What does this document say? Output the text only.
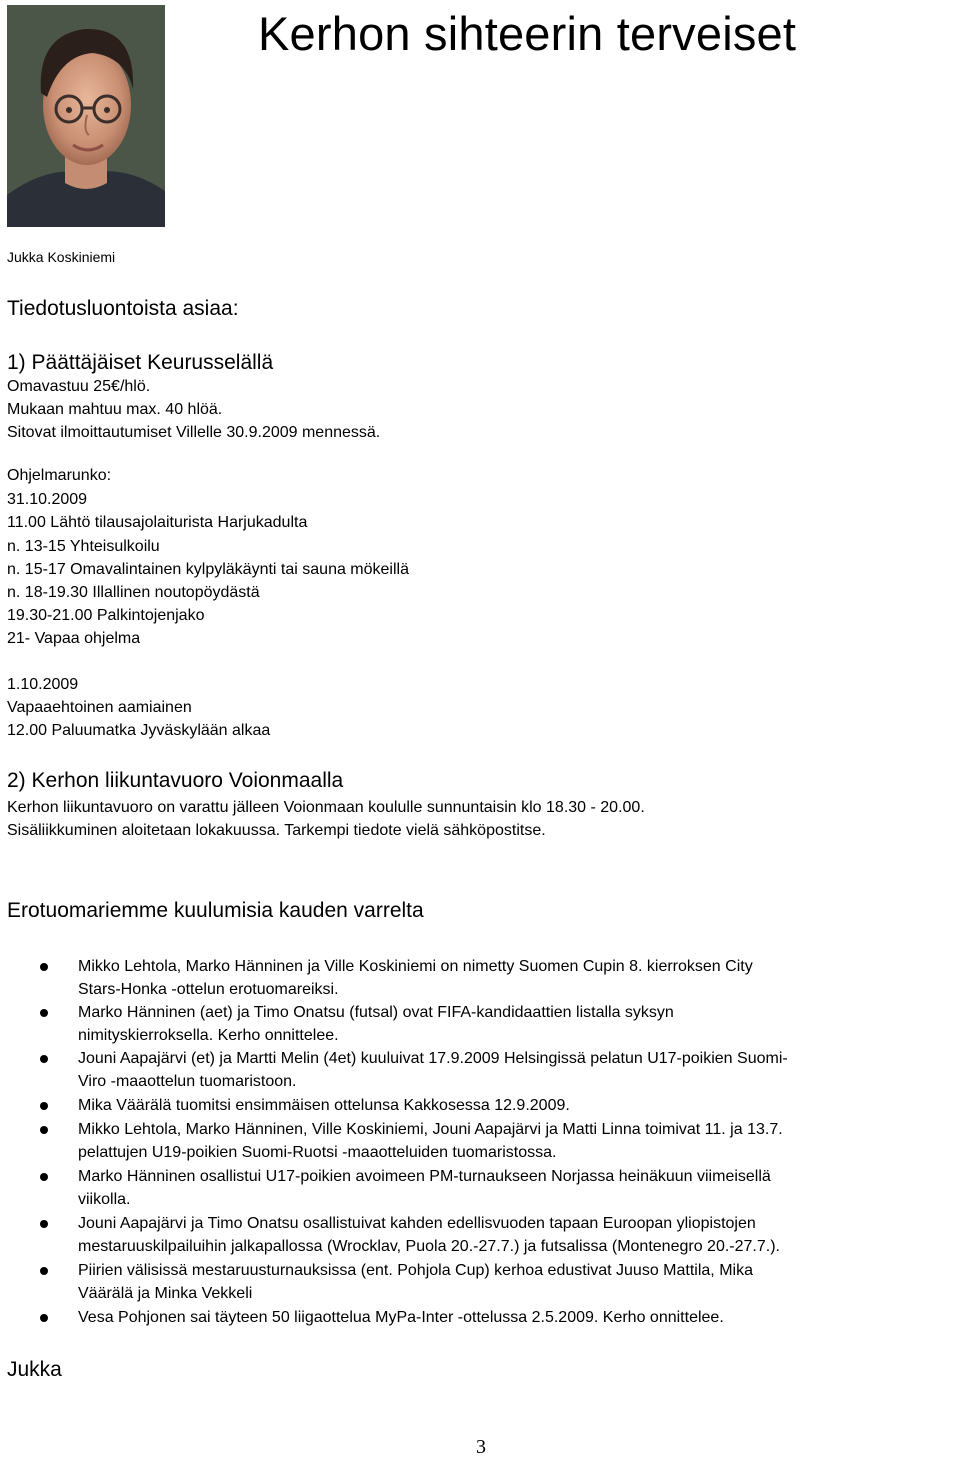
Kerhon sihteerin terveiset
Jukka Koskiniemi
Tiedotusluontoista asiaa:
1) Päättäjäiset Keurusselällä
Omavastuu 25€/hlö.
Mukaan mahtuu max. 40 hlöä.
Sitovat ilmoittautumiset Villelle 30.9.2009 mennessä.
Ohjelmarunko:
31.10.2009
11.00 Lähtö tilausajolaiturista Harjukadulta
n. 13-15 Yhteisulkoilu
n. 15-17 Omavalintainen kylpyläkäynti tai sauna mökeillä
n. 18-19.30 Illallinen noutopöydästä
19.30-21.00 Palkintojenjako
21- Vapaa ohjelma
1.10.2009
Vapaaehtoinen aamiainen
12.00 Paluumatka Jyväskylään alkaa
2) Kerhon liikuntavuoro Voionmaalla
Kerhon liikuntavuoro on varattu jälleen Voionmaan koululle sunnuntaisin klo 18.30 - 20.00.
Sisäliikkuminen aloitetaan lokakuussa. Tarkempi tiedote vielä sähköpostitse.
Erotuomariemme kuulumisia kauden varrelta
Mikko Lehtola, Marko Hänninen ja Ville Koskiniemi on nimetty Suomen Cupin 8. kierroksen City
Stars-Honka -ottelun erotuomareiksi.
Marko Hänninen (aet) ja Timo Onatsu (futsal) ovat FIFA-kandidaattien listalla syksyn
nimityskierroksella. Kerho onnittelee.
Jouni Aapajärvi (et) ja Martti Melin (4et) kuuluivat 17.9.2009 Helsingissä pelatun U17-poikien Suomi-
Viro -maaottelun tuomaristoon.
Mika Väärälä tuomitsi ensimmäisen ottelunsa Kakkosessa 12.9.2009.
Mikko Lehtola, Marko Hänninen, Ville Koskiniemi, Jouni Aapajärvi ja Matti Linna toimivat 11. ja 13.7.
pelattujen U19-poikien Suomi-Ruotsi -maaotteluiden tuomaristossa.
Marko Hänninen osallistui U17-poikien avoimeen PM-turnaukseen Norjassa heinäkuun viimeisellä
viikolla.
Jouni Aapajärvi ja Timo Onatsu osallistuivat kahden edellisvuoden tapaan Euroopan yliopistojen
mestaruuskilpailuihin jalkapallossa (Wrocklav, Puola 20.-27.7.) ja futsalissa (Montenegro 20.-27.7.).
Piirien välisissä mestaruusturnauksissa (ent. Pohjola Cup) kerhoa edustivat Juuso Mattila, Mika
Väärälä ja Minka Vekkeli
Vesa Pohjonen sai täyteen 50 liigaottelua MyPa-Inter -ottelussa 2.5.2009. Kerho onnittelee.
Jukka
3
